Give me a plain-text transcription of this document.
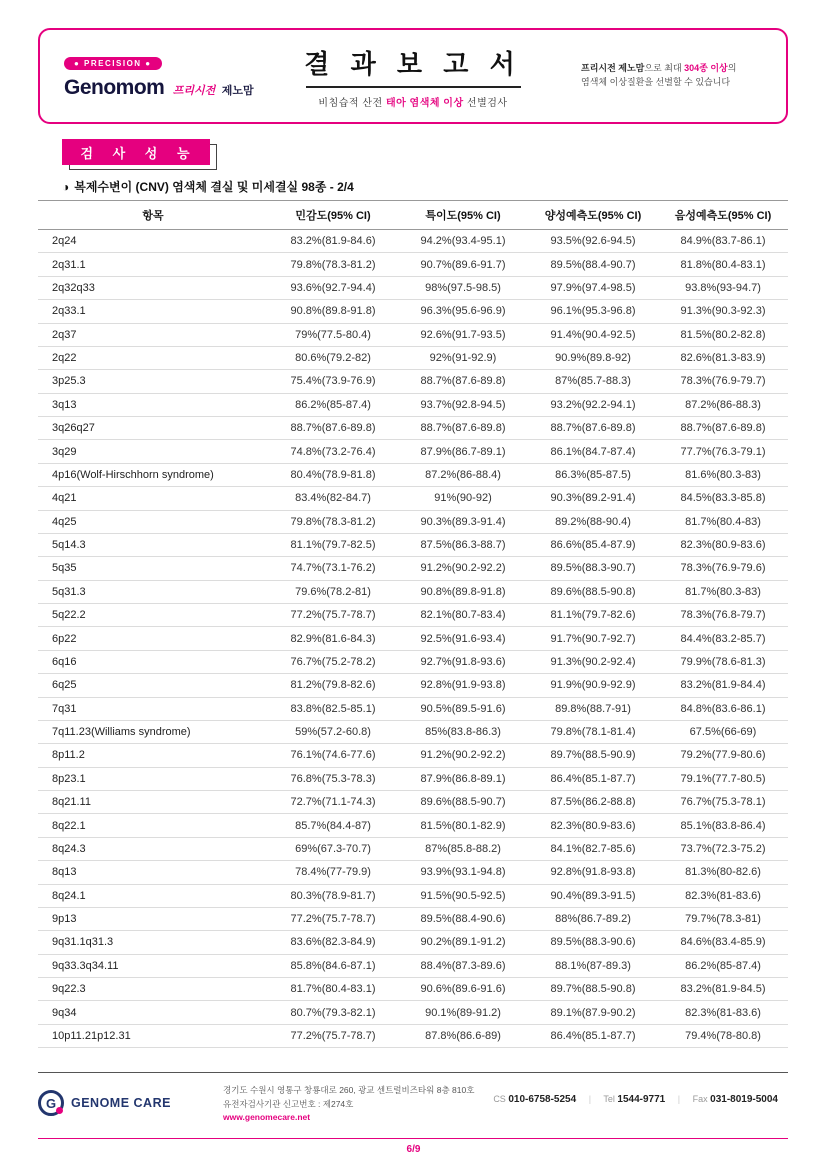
● PRECISION ●
Genomom 프리시전 제노맘
결 과 보 고 서
비침습적 산전 태아 염색체 이상 선별검사
프리시전 제노맘으로 최대 304종 이상의
염색체 이상질환을 선별할 수 있습니다
검 사 성 능
◑ 복제수변이 (CNV) 염색체 결실 및 미세결실 98종 - 2/4
항목	민감도(95% CI)	특이도(95% CI)	양성예측도(95% CI)	음성예측도(95% CI)
2q24	83.2%(81.9-84.6)	94.2%(93.4-95.1)	93.5%(92.6-94.5)	84.9%(83.7-86.1)
2q31.1	79.8%(78.3-81.2)	90.7%(89.6-91.7)	89.5%(88.4-90.7)	81.8%(80.4-83.1)
2q32q33	93.6%(92.7-94.4)	98%(97.5-98.5)	97.9%(97.4-98.5)	93.8%(93-94.7)
2q33.1	90.8%(89.8-91.8)	96.3%(95.6-96.9)	96.1%(95.3-96.8)	91.3%(90.3-92.3)
2q37	79%(77.5-80.4)	92.6%(91.7-93.5)	91.4%(90.4-92.5)	81.5%(80.2-82.8)
2q22	80.6%(79.2-82)	92%(91-92.9)	90.9%(89.8-92)	82.6%(81.3-83.9)
3p25.3	75.4%(73.9-76.9)	88.7%(87.6-89.8)	87%(85.7-88.3)	78.3%(76.9-79.7)
3q13	86.2%(85-87.4)	93.7%(92.8-94.5)	93.2%(92.2-94.1)	87.2%(86-88.3)
3q26q27	88.7%(87.6-89.8)	88.7%(87.6-89.8)	88.7%(87.6-89.8)	88.7%(87.6-89.8)
3q29	74.8%(73.2-76.4)	87.9%(86.7-89.1)	86.1%(84.7-87.4)	77.7%(76.3-79.1)
4p16(Wolf-Hirschhorn syndrome)	80.4%(78.9-81.8)	87.2%(86-88.4)	86.3%(85-87.5)	81.6%(80.3-83)
4q21	83.4%(82-84.7)	91%(90-92)	90.3%(89.2-91.4)	84.5%(83.3-85.8)
4q25	79.8%(78.3-81.2)	90.3%(89.3-91.4)	89.2%(88-90.4)	81.7%(80.4-83)
5q14.3	81.1%(79.7-82.5)	87.5%(86.3-88.7)	86.6%(85.4-87.9)	82.3%(80.9-83.6)
5q35	74.7%(73.1-76.2)	91.2%(90.2-92.2)	89.5%(88.3-90.7)	78.3%(76.9-79.6)
5q31.3	79.6%(78.2-81)	90.8%(89.8-91.8)	89.6%(88.5-90.8)	81.7%(80.3-83)
5q22.2	77.2%(75.7-78.7)	82.1%(80.7-83.4)	81.1%(79.7-82.6)	78.3%(76.8-79.7)
6p22	82.9%(81.6-84.3)	92.5%(91.6-93.4)	91.7%(90.7-92.7)	84.4%(83.2-85.7)
6q16	76.7%(75.2-78.2)	92.7%(91.8-93.6)	91.3%(90.2-92.4)	79.9%(78.6-81.3)
6q25	81.2%(79.8-82.6)	92.8%(91.9-93.8)	91.9%(90.9-92.9)	83.2%(81.9-84.4)
7q31	83.8%(82.5-85.1)	90.5%(89.5-91.6)	89.8%(88.7-91)	84.8%(83.6-86.1)
7q11.23(Williams syndrome)	59%(57.2-60.8)	85%(83.8-86.3)	79.8%(78.1-81.4)	67.5%(66-69)
8p11.2	76.1%(74.6-77.6)	91.2%(90.2-92.2)	89.7%(88.5-90.9)	79.2%(77.9-80.6)
8p23.1	76.8%(75.3-78.3)	87.9%(86.8-89.1)	86.4%(85.1-87.7)	79.1%(77.7-80.5)
8q21.11	72.7%(71.1-74.3)	89.6%(88.5-90.7)	87.5%(86.2-88.8)	76.7%(75.3-78.1)
8q22.1	85.7%(84.4-87)	81.5%(80.1-82.9)	82.3%(80.9-83.6)	85.1%(83.8-86.4)
8q24.3	69%(67.3-70.7)	87%(85.8-88.2)	84.1%(82.7-85.6)	73.7%(72.3-75.2)
8q13	78.4%(77-79.9)	93.9%(93.1-94.8)	92.8%(91.8-93.8)	81.3%(80-82.6)
8q24.1	80.3%(78.9-81.7)	91.5%(90.5-92.5)	90.4%(89.3-91.5)	82.3%(81-83.6)
9p13	77.2%(75.7-78.7)	89.5%(88.4-90.6)	88%(86.7-89.2)	79.7%(78.3-81)
9q31.1q31.3	83.6%(82.3-84.9)	90.2%(89.1-91.2)	89.5%(88.3-90.6)	84.6%(83.4-85.9)
9q33.3q34.11	85.8%(84.6-87.1)	88.4%(87.3-89.6)	88.1%(87-89.3)	86.2%(85-87.4)
9q22.3	81.7%(80.4-83.1)	90.6%(89.6-91.6)	89.7%(88.5-90.8)	83.2%(81.9-84.5)
9q34	80.7%(79.3-82.1)	90.1%(89-91.2)	89.1%(87.9-90.2)	82.3%(81-83.6)
10p11.21p12.31	77.2%(75.7-78.7)	87.8%(86.6-89)	86.4%(85.1-87.7)	79.4%(78-80.8)
G	GENOME CARE
경기도 수원시 영통구 창룡대로 260, 광교 센트럴비즈타워 8층 810호
유전자검사기관 신고번호 : 제274호
www.genomecare.net
CS 010-6758-5254 | Tel 1544-9771 | Fax 031-8019-5004
6/9
